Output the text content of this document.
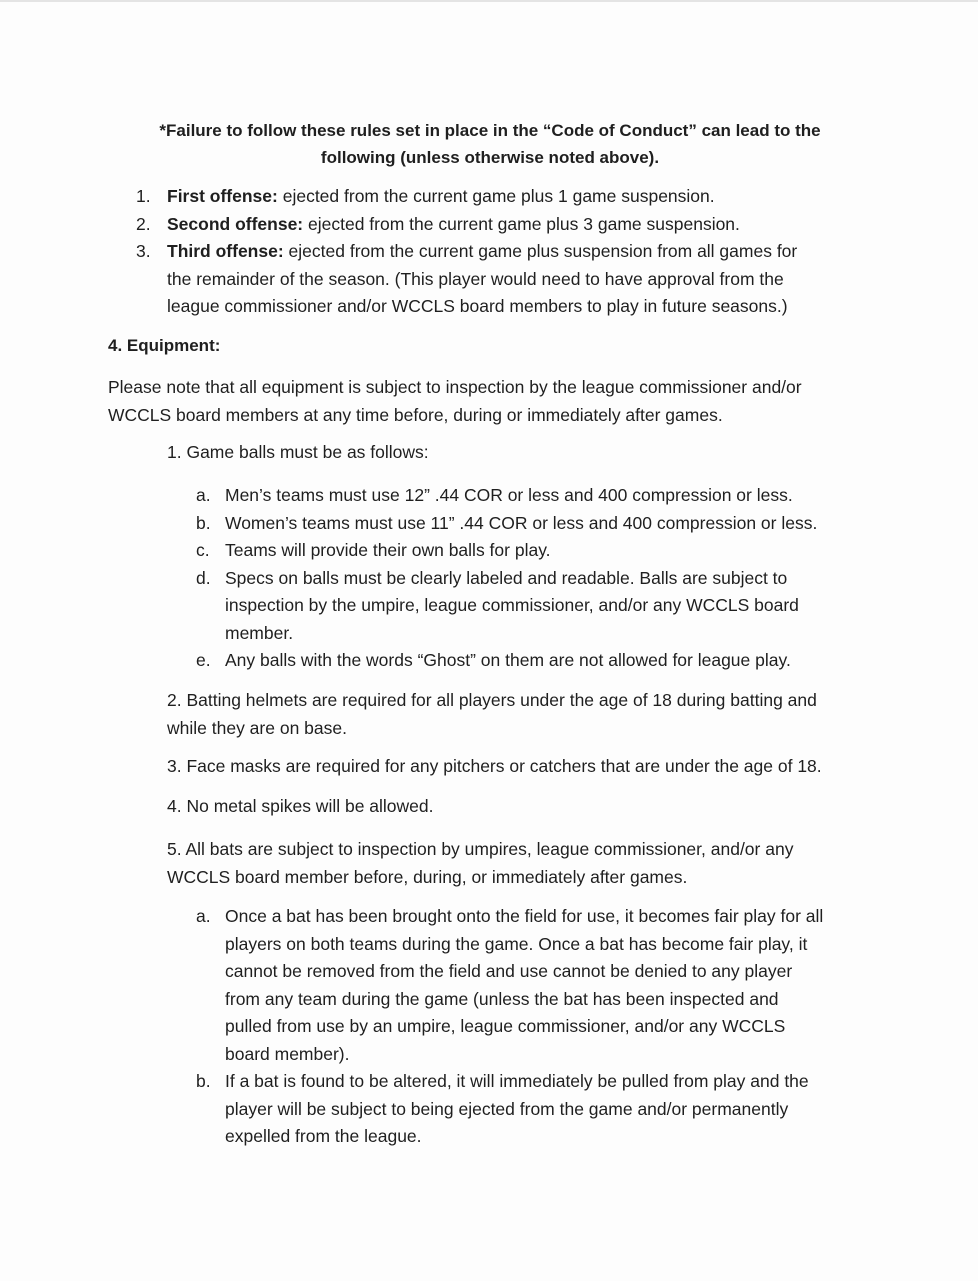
*Failure to follow these rules set in place in the “Code of Conduct” can lead to the
following (unless otherwise noted above).
1. First offense: ejected from the current game plus 1 game suspension.
2. Second offense: ejected from the current game plus 3 game suspension.
3. Third offense: ejected from the current game plus suspension from all games for
the remainder of the season. (This player would need to have approval from the
league commissioner and/or WCCLS board members to play in future seasons.)
4. Equipment:
Please note that all equipment is subject to inspection by the league commissioner and/or
WCCLS board members at any time before, during or immediately after games.
1. Game balls must be as follows:
a. Men’s teams must use 12” .44 COR or less and 400 compression or less.
b. Women’s teams must use 11” .44 COR or less and 400 compression or less.
c. Teams will provide their own balls for play.
d. Specs on balls must be clearly labeled and readable. Balls are subject to
inspection by the umpire, league commissioner, and/or any WCCLS board
member.
e. Any balls with the words “Ghost” on them are not allowed for league play.
2. Batting helmets are required for all players under the age of 18 during batting and
while they are on base.
3. Face masks are required for any pitchers or catchers that are under the age of 18.
4. No metal spikes will be allowed.
5. All bats are subject to inspection by umpires, league commissioner, and/or any
WCCLS board member before, during, or immediately after games.
a. Once a bat has been brought onto the field for use, it becomes fair play for all
players on both teams during the game. Once a bat has become fair play, it
cannot be removed from the field and use cannot be denied to any player
from any team during the game (unless the bat has been inspected and
pulled from use by an umpire, league commissioner, and/or any WCCLS
board member).
b. If a bat is found to be altered, it will immediately be pulled from play and the
player will be subject to being ejected from the game and/or permanently
expelled from the league.
